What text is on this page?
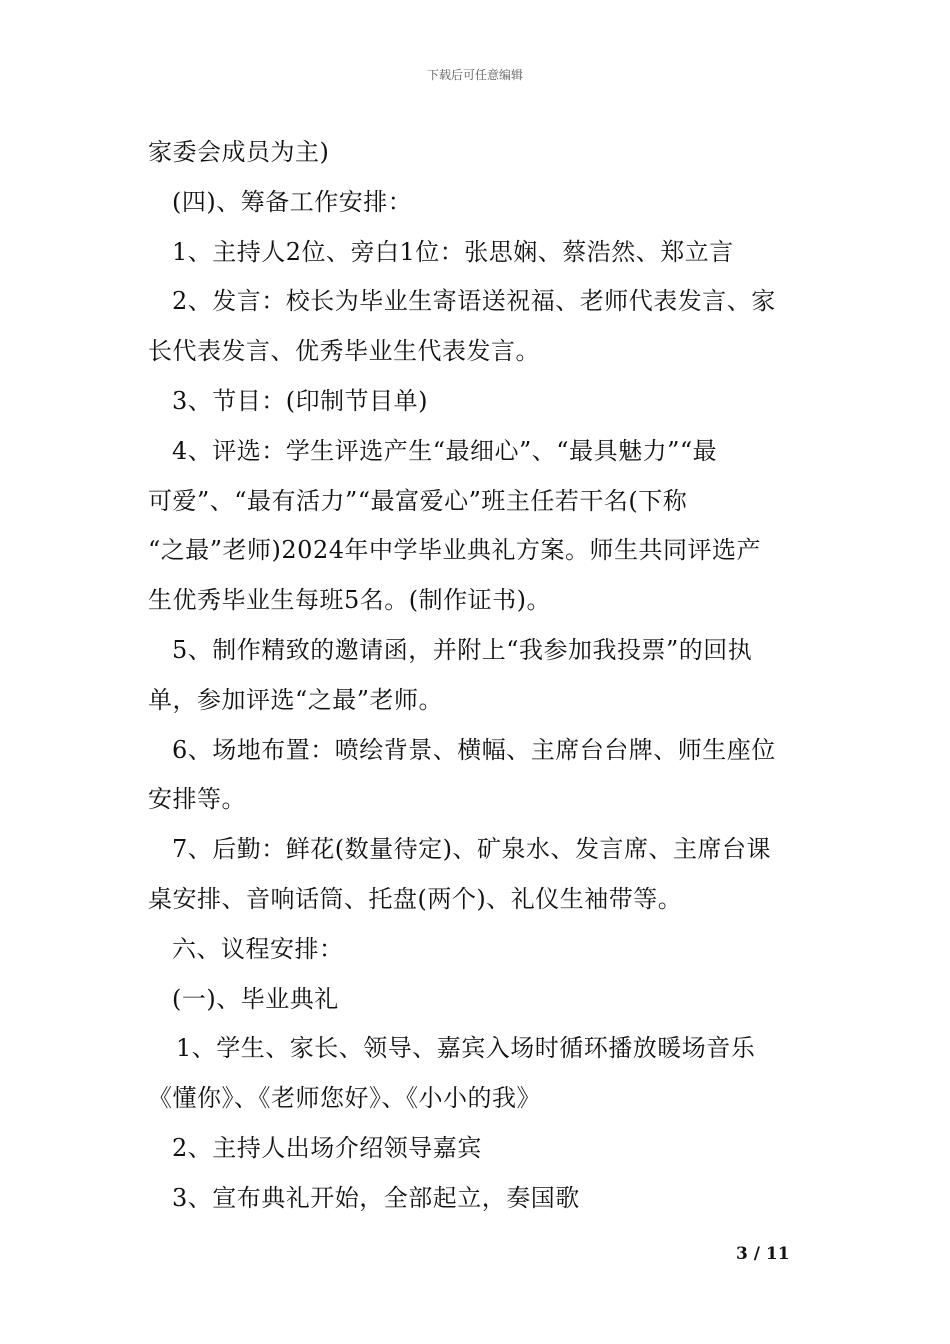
下载后可任意编辑
家委会成员为主)
(四)、筹备工作安排：
1、主持人2位、旁白1位：张思娴、蔡浩然、郑立言
2、发言：校长为毕业生寄语送祝福、老师代表发言、家
长代表发言、优秀毕业生代表发言。
3、节目：(印制节目单)
4、评选：学生评选产生“最细心”、“最具魅力”“最
可爱”、“最有活力”“最富爱心”班主任若干名(下称
“之最”老师)2024年中学毕业典礼方案。师生共同评选产
生优秀毕业生每班5名。(制作证书)。
5、制作精致的邀请函，并附上“我参加我投票”的回执
单，参加评选“之最”老师。
6、场地布置：喷绘背景、横幅、主席台台牌、师生座位
安排等。
7、后勤：鲜花(数量待定)、矿泉水、发言席、主席台课
桌安排、音响话筒、托盘(两个)、礼仪生袖带等。
六、议程安排：
(一)、毕业典礼
1、学生、家长、领导、嘉宾入场时循环播放暖场音乐
《懂你》、《老师您好》、《小小的我》
2、主持人出场介绍领导嘉宾
3、宣布典礼开始，全部起立，奏国歌
3 / 11
